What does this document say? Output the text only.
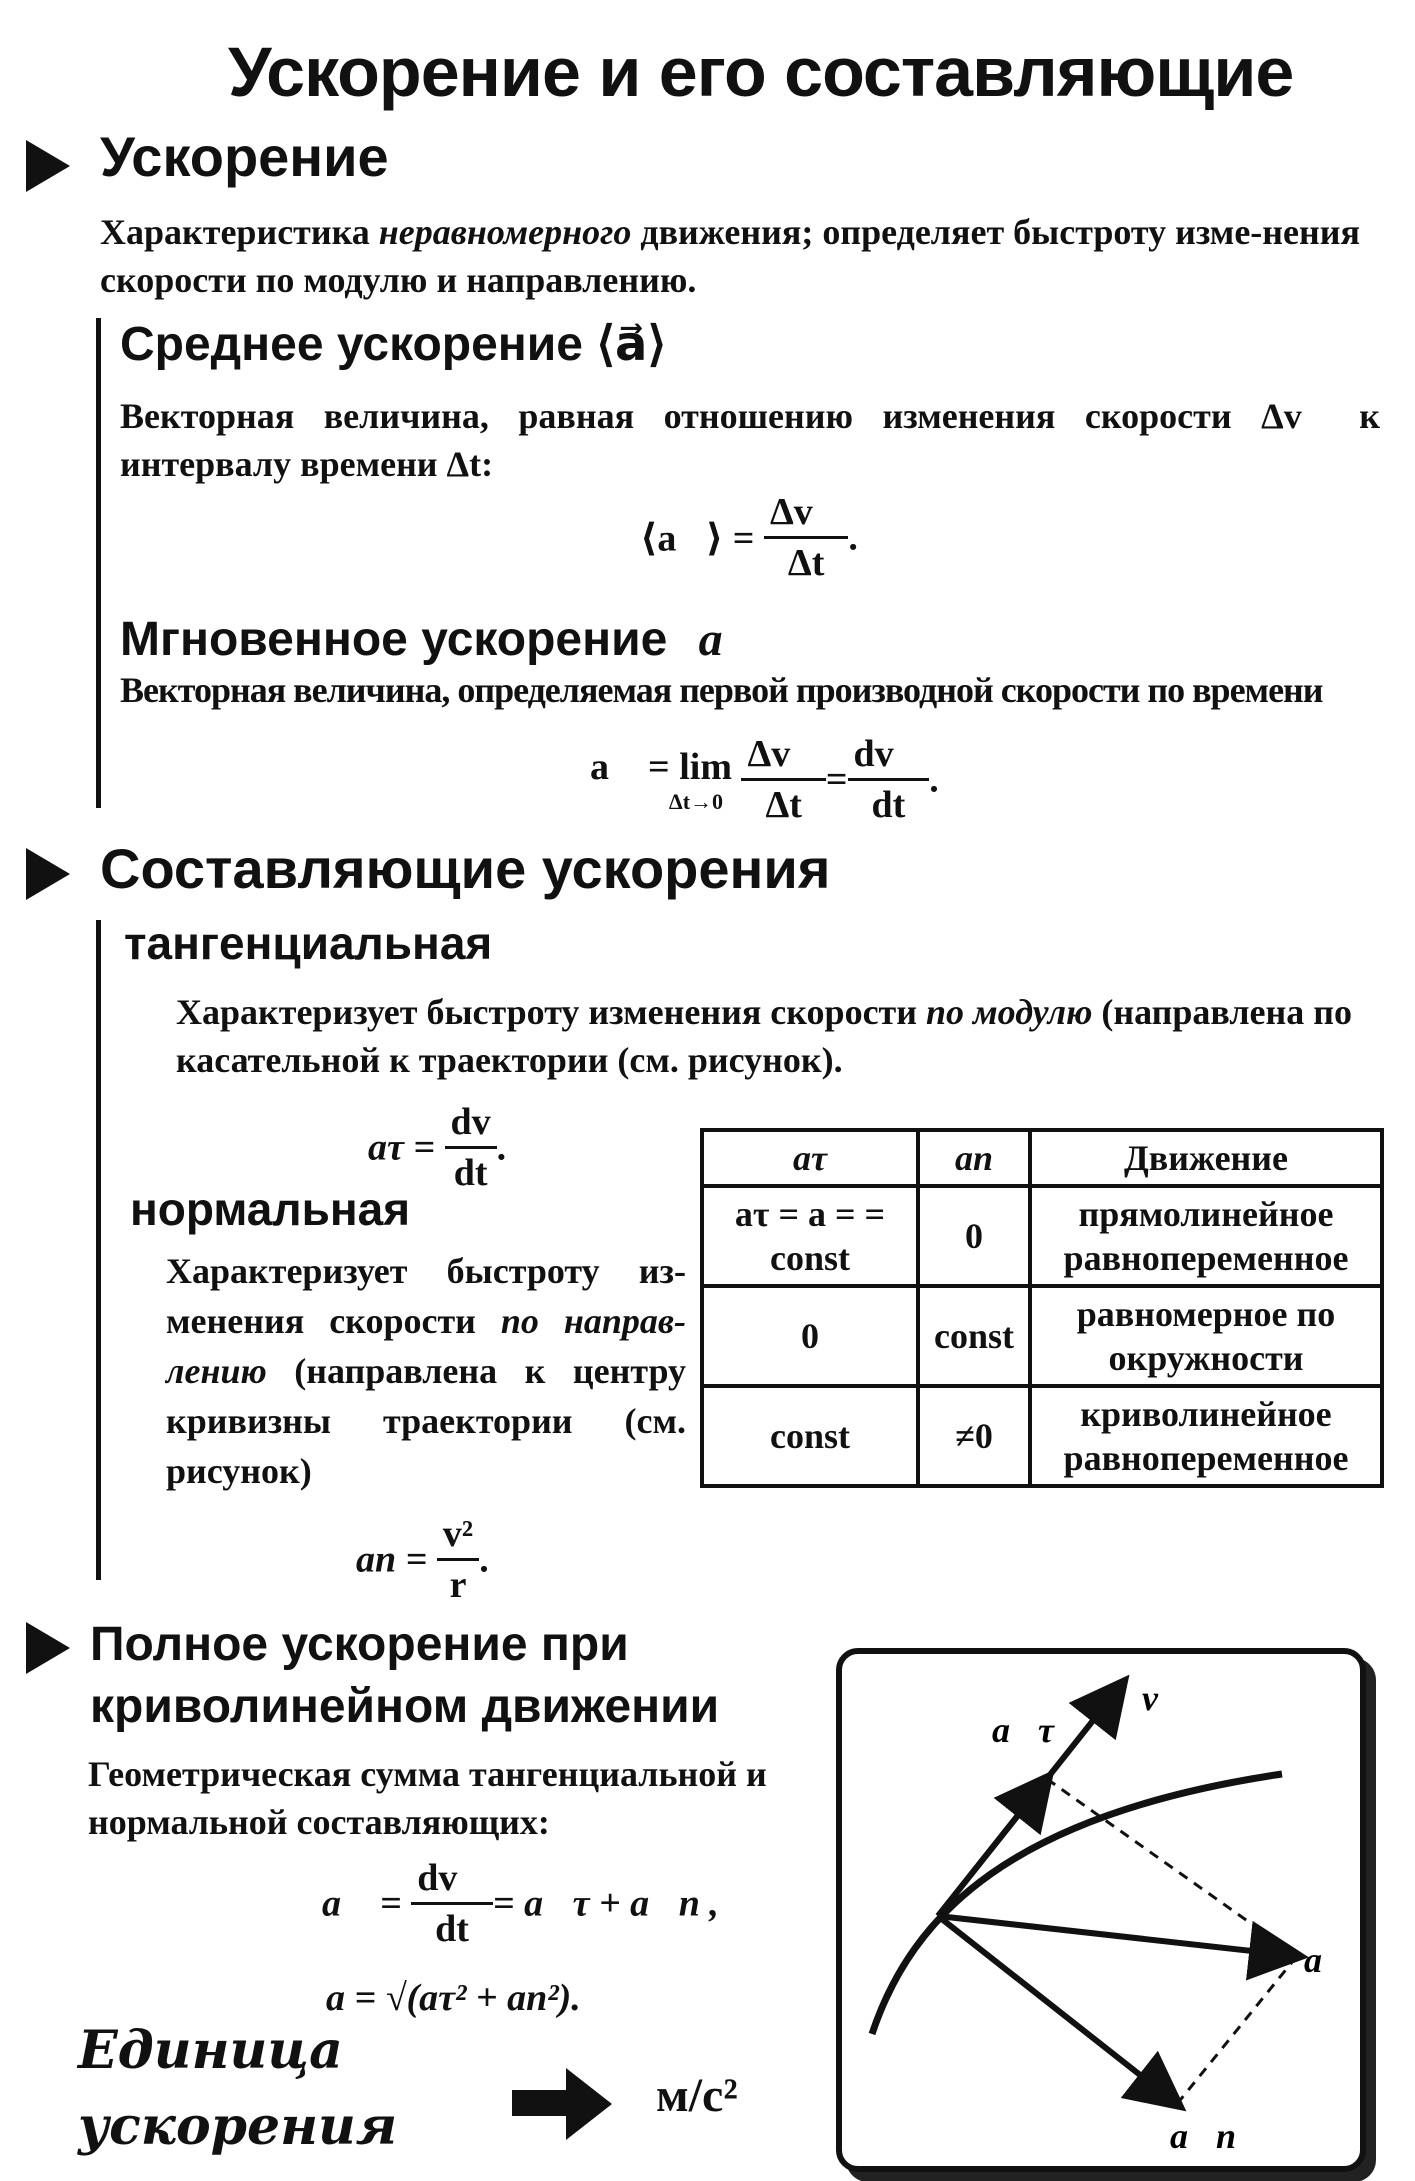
Ускорение и его составляющие
Ускорение
Характеристика неравномерного движения; определяет быстроту изме-нения скорости по модулю и направлению.
Среднее ускорение ⟨a⃗⟩
Векторная величина, равная отношению изменения скорости Δv⃗ к интервалу времени Δt:
⟨a⃗⟩ = $\frac{\Delta v⃗}{\Delta t}$ .
Мгновенное ускорение a⃗
Векторная величина, определяемая первой производной скорости по времени
a⃗ = lim
Δt→0
$\frac{\Delta v⃗}{\Delta t} = \frac{dv⃗}{dt}$ .
Составляющие ускорения
тангенциальная
Характеризует быстроту изменения скорости по модулю (направлена по касательной к траектории (см. рисунок).
$a\tau = \frac{dv}{dt}$ .
нормальная
Характеризует быстроту из-менения скорости по направ-лению (направлена к центру кривизны траектории (см. рисунок)
an = $\frac{\text{v²}}{r}$ .
aτ	an	Движение
aτ = a = = const	0	прямолинейное равнопеременное
0	const	равномерное по окружности
const	≠0	криволинейное равнопеременное
Полное ускорение при криволинейном движении
Геометрическая сумма тангенциальной и нормальной составляющих:
a⃗ = $\frac{dv⃗}{dt}$ = a⃗τ + a⃗n ,
a = √(aτ² + an²).
v⃗
a⃗τ
a⃗
a⃗n
Единица
ускорения
м/с²
